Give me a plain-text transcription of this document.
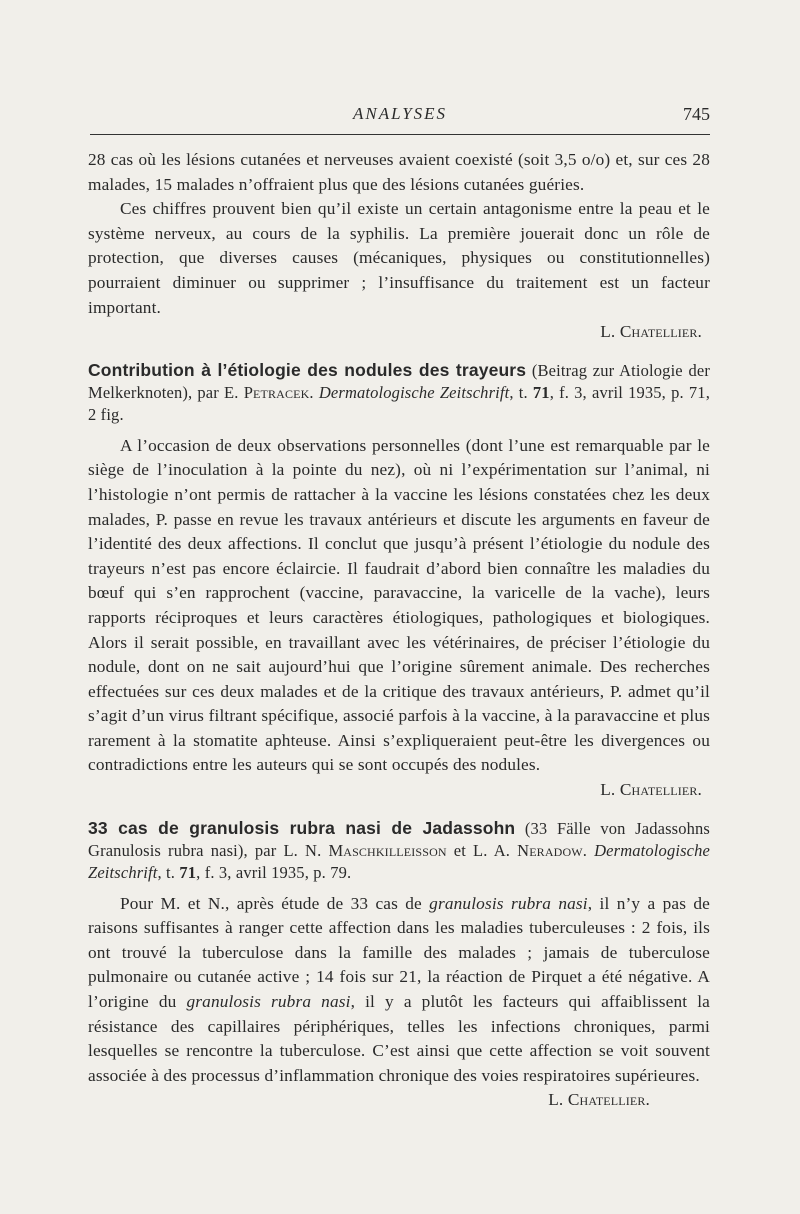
ANALYSES	745

28 cas où les lésions cutanées et nerveuses avaient coexisté (soit 3,5 o/o) et, sur ces 28 malades, 15 malades n’offraient plus que des lésions cutanées guéries.

Ces chiffres prouvent bien qu’il existe un certain antagonisme entre la peau et le système nerveux, au cours de la syphilis. La première jouerait donc un rôle de protection, que diverses causes (mécaniques, physiques ou constitutionnelles) pourraient diminuer ou supprimer ; l’insuffisance du traitement est un facteur important.

L. Chatellier.

Contribution à l’étiologie des nodules des trayeurs (Beitrag zur Atiologie der Melkerknoten), par E. Petracek. Dermatologische Zeitschrift, t. 71, f. 3, avril 1935, p. 71, 2 fig.

A l’occasion de deux observations personnelles (dont l’une est remarquable par le siège de l’inoculation à la pointe du nez), où ni l’expérimentation sur l’animal, ni l’histologie n’ont permis de rattacher à la vaccine les lésions constatées chez les deux malades, P. passe en revue les travaux antérieurs et discute les arguments en faveur de l’identité des deux affections. Il conclut que jusqu’à présent l’étiologie du nodule des trayeurs n’est pas encore éclaircie. Il faudrait d’abord bien connaître les maladies du bœuf qui s’en rapprochent (vaccine, paravaccine, la varicelle de la vache), leurs rapports réciproques et leurs caractères étiologiques, pathologiques et biologiques. Alors il serait possible, en travaillant avec les vétérinaires, de préciser l’étiologie du nodule, dont on ne sait aujourd’hui que l’origine sûrement animale. Des recherches effectuées sur ces deux malades et de la critique des travaux antérieurs, P. admet qu’il s’agit d’un virus filtrant spécifique, associé parfois à la vaccine, à la paravaccine et plus rarement à la stomatite aphteuse. Ainsi s’expliqueraient peut-être les divergences ou contradictions entre les auteurs qui se sont occupés des nodules.

L. Chatellier.

33 cas de granulosis rubra nasi de Jadassohn (33 Fälle von Jadassohns Granulosis rubra nasi), par L. N. Maschkilleisson et L. A. Neradow. Dermatologische Zeitschrift, t. 71, f. 3, avril 1935, p. 79.

Pour M. et N., après étude de 33 cas de granulosis rubra nasi, il n’y a pas de raisons suffisantes à ranger cette affection dans les maladies tuberculeuses : 2 fois, ils ont trouvé la tuberculose dans la famille des malades ; jamais de tuberculose pulmonaire ou cutanée active ; 14 fois sur 21, la réaction de Pirquet a été négative. A l’origine du granulosis rubra nasi, il y a plutôt les facteurs qui affaiblissent la résistance des capillaires périphériques, telles les infections chroniques, parmi lesquelles se rencontre la tuberculose. C’est ainsi que cette affection se voit souvent associée à des processus d’inflammation chronique des voies respiratoires supérieures.
L. Chatellier.
